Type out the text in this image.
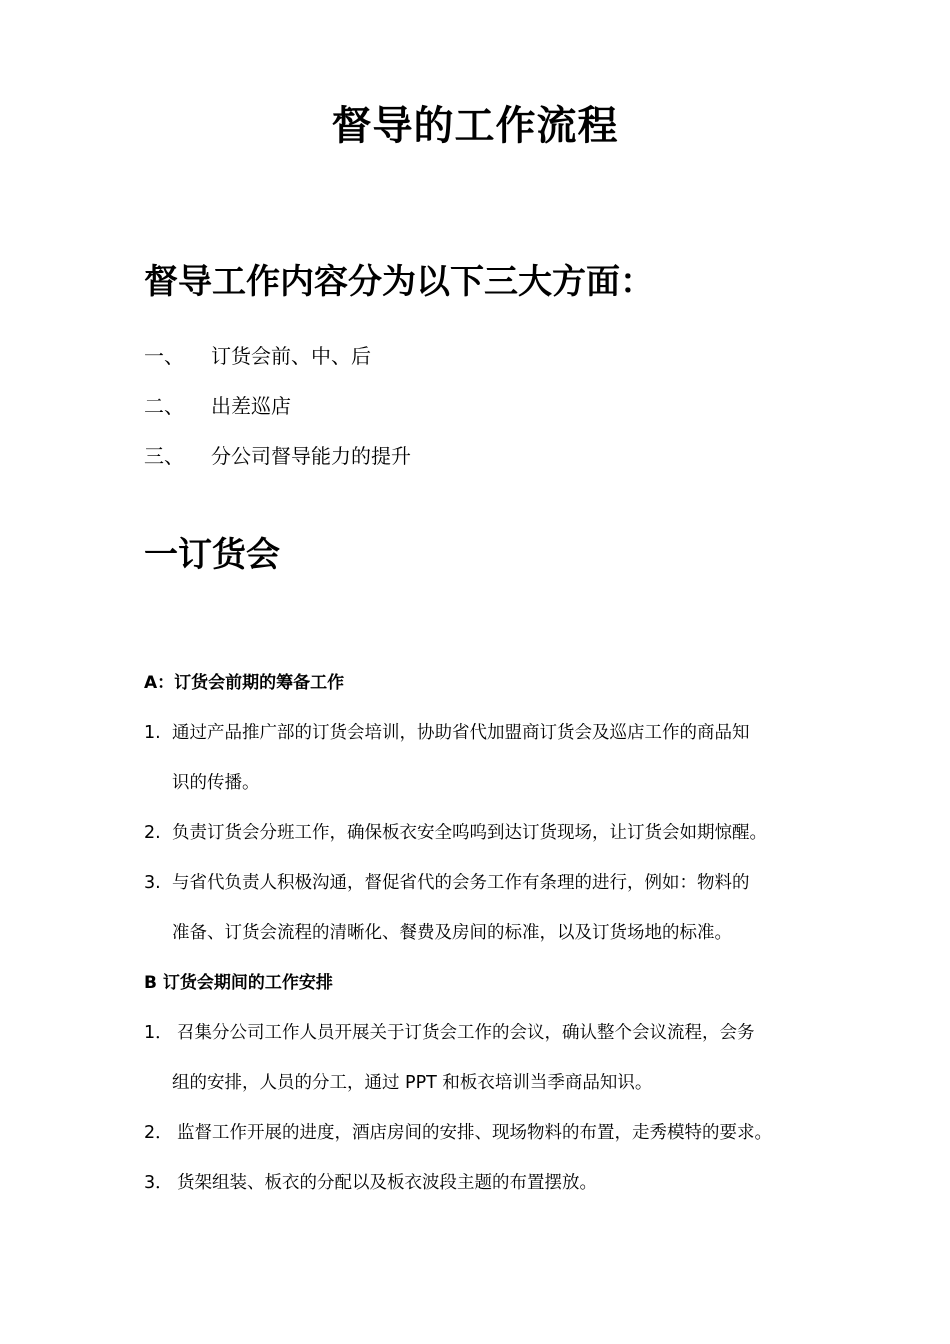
督导的工作流程
督导工作内容分为以下三大方面：
一、 订货会前、中、后
二、 出差巡店
三、 分公司督导能力的提升
一订货会
A：订货会前期的筹备工作
1. 通过产品推广部的订货会培训，协助省代加盟商订货会及巡店工作的商品知
识的传播。
2. 负责订货会分班工作，确保板衣安全呜呜到达订货现场，让订货会如期惊醒。
3. 与省代负责人积极沟通，督促省代的会务工作有条理的进行，例如：物料的
准备、订货会流程的清晰化、餐费及房间的标准，以及订货场地的标准。
B 订货会期间的工作安排
1． 召集分公司工作人员开展关于订货会工作的会议，确认整个会议流程，会务
组的安排，人员的分工，通过 PPT 和板衣培训当季商品知识。
2． 监督工作开展的进度，酒店房间的安排、现场物料的布置，走秀模特的要求。
3． 货架组装、板衣的分配以及板衣波段主题的布置摆放。
